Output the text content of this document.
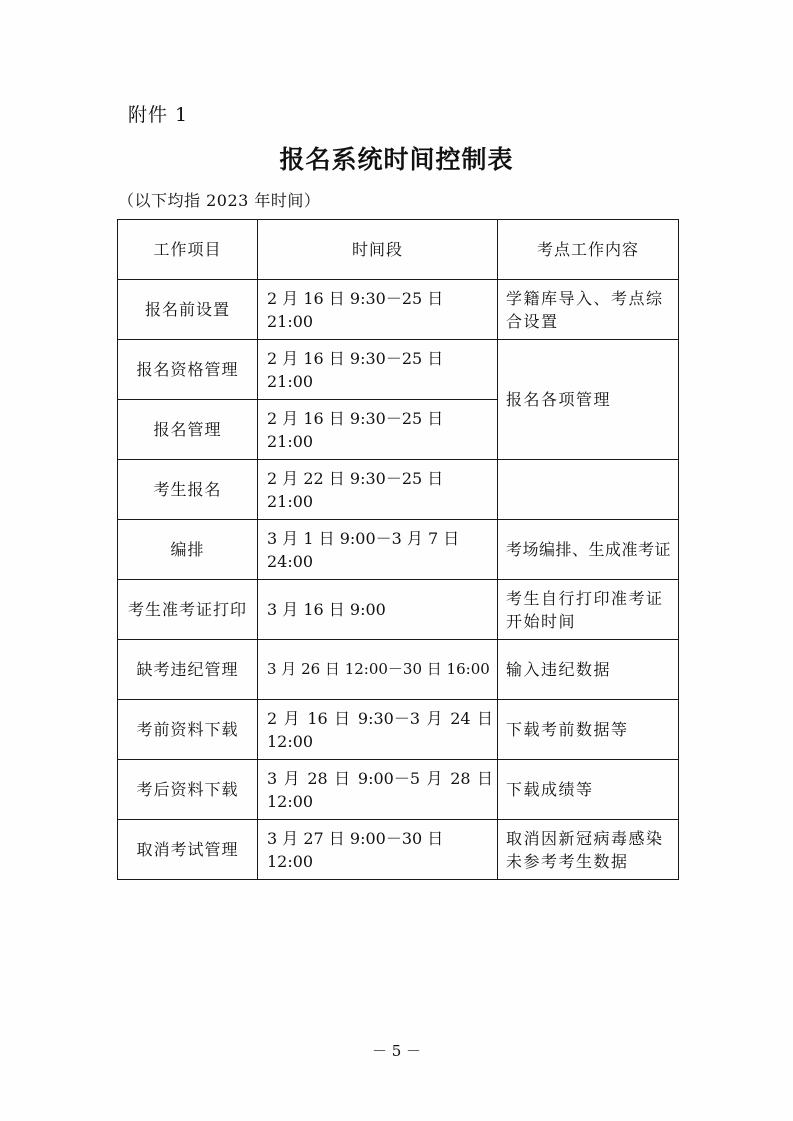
附件 1
报名系统时间控制表
（以下均指 2023 年时间）
工作项目	时间段	考点工作内容
报名前设置	2 月 16 日 9:30－25 日 21:00	学籍库导入、考点综合设置
报名资格管理	2 月 16 日 9:30－25 日 21:00	报名各项管理
报名管理	2 月 16 日 9:30－25 日 21:00	
考生报名	2 月 22 日 9:30－25 日 21:00	
编排	3 月 1 日 9:00－3 月 7 日 24:00	考场编排、生成准考证
考生准考证打印	3 月 16 日 9:00	考生自行打印准考证开始时间
缺考违纪管理	3 月 26 日 12:00－30 日 16:00	输入违纪数据
考前资料下载	2 月 16 日 9:30－3 月 24 日 12:00	下载考前数据等
考后资料下载	3 月 28 日 9:00－5 月 28 日 12:00	下载成绩等
取消考试管理	3 月 27 日 9:00－30 日 12:00	取消因新冠病毒感染未参考考生数据
－ 5 －
